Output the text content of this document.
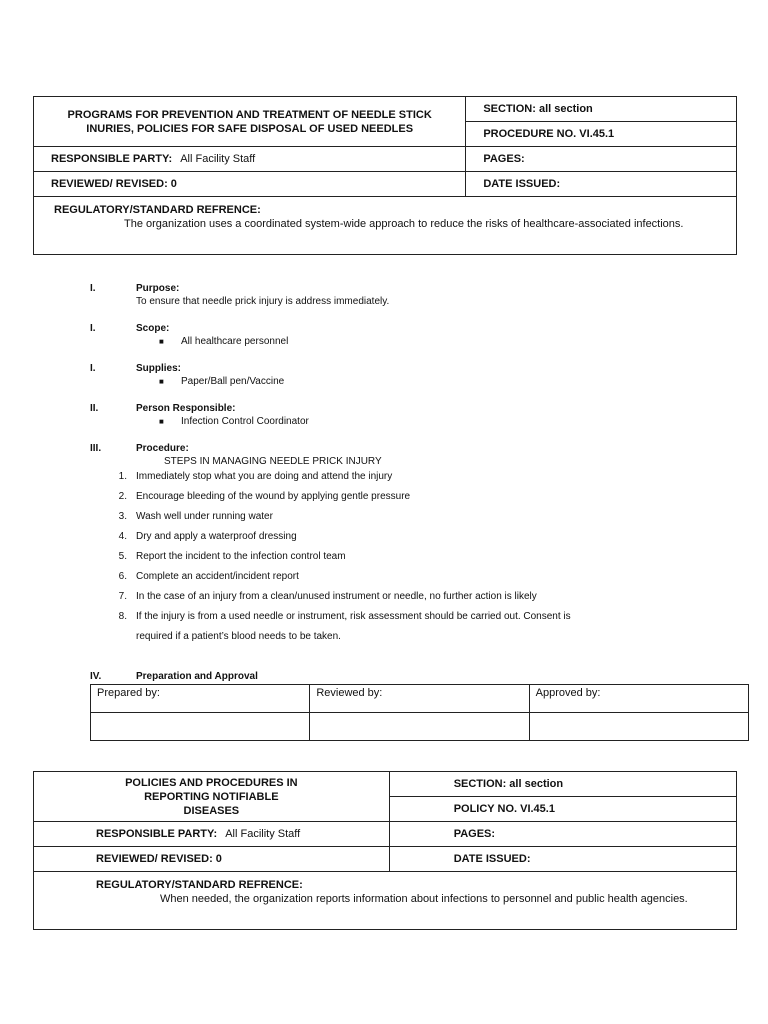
PROGRAMS FOR PREVENTION AND TREATMENT OF NEEDLE STICK INURIES, POLICIES FOR SAFE DISPOSAL OF USED NEEDLES	SECTION: all section
	PROCEDURE NO. VI.45.1
RESPONSIBLE PARTY: All Facility Staff	PAGES:
REVIEWED/ REVISED: 0	DATE ISSUED:

REGULATORY/STANDARD REFRENCE:
The organization uses a coordinated system-wide approach to reduce the risks of healthcare-associated infections.	
I.	Purpose:
To ensure that needle prick injury is address immediately.
I.	Scope:
■ All healthcare personnel
I.	Supplies:
■ Paper/Ball pen/Vaccine
II.	Person Responsible:
■ Infection Control Coordinator
III.	Procedure:
STEPS IN MANAGING NEEDLE PRICK INJURY
1. Immediately stop what you are doing and attend the injury
2. Encourage bleeding of the wound by applying gentle pressure
3. Wash well under running water
4. Dry and apply a waterproof dressing
5. Report the incident to the infection control team
6. Complete an accident/incident report
7. In the case of an injury from a clean/unused instrument or needle, no further action is likely
8. If the injury is from a used needle or instrument, risk assessment should be carried out. Consent is
required if a patient’s blood needs to be taken.
IV.	Preparation and Approval
Prepared by:	Reviewed by:	Approved by:

POLICIES AND PROCEDURES IN REPORTING NOTIFIABLE DISEASES	SECTION: all section
	POLICY NO. VI.45.1
RESPONSIBLE PARTY: All Facility Staff	PAGES:
REVIEWED/ REVISED: 0	DATE ISSUED:

REGULATORY/STANDARD REFRENCE:
When needed, the organization reports information about infections to personnel and public health agencies.	
